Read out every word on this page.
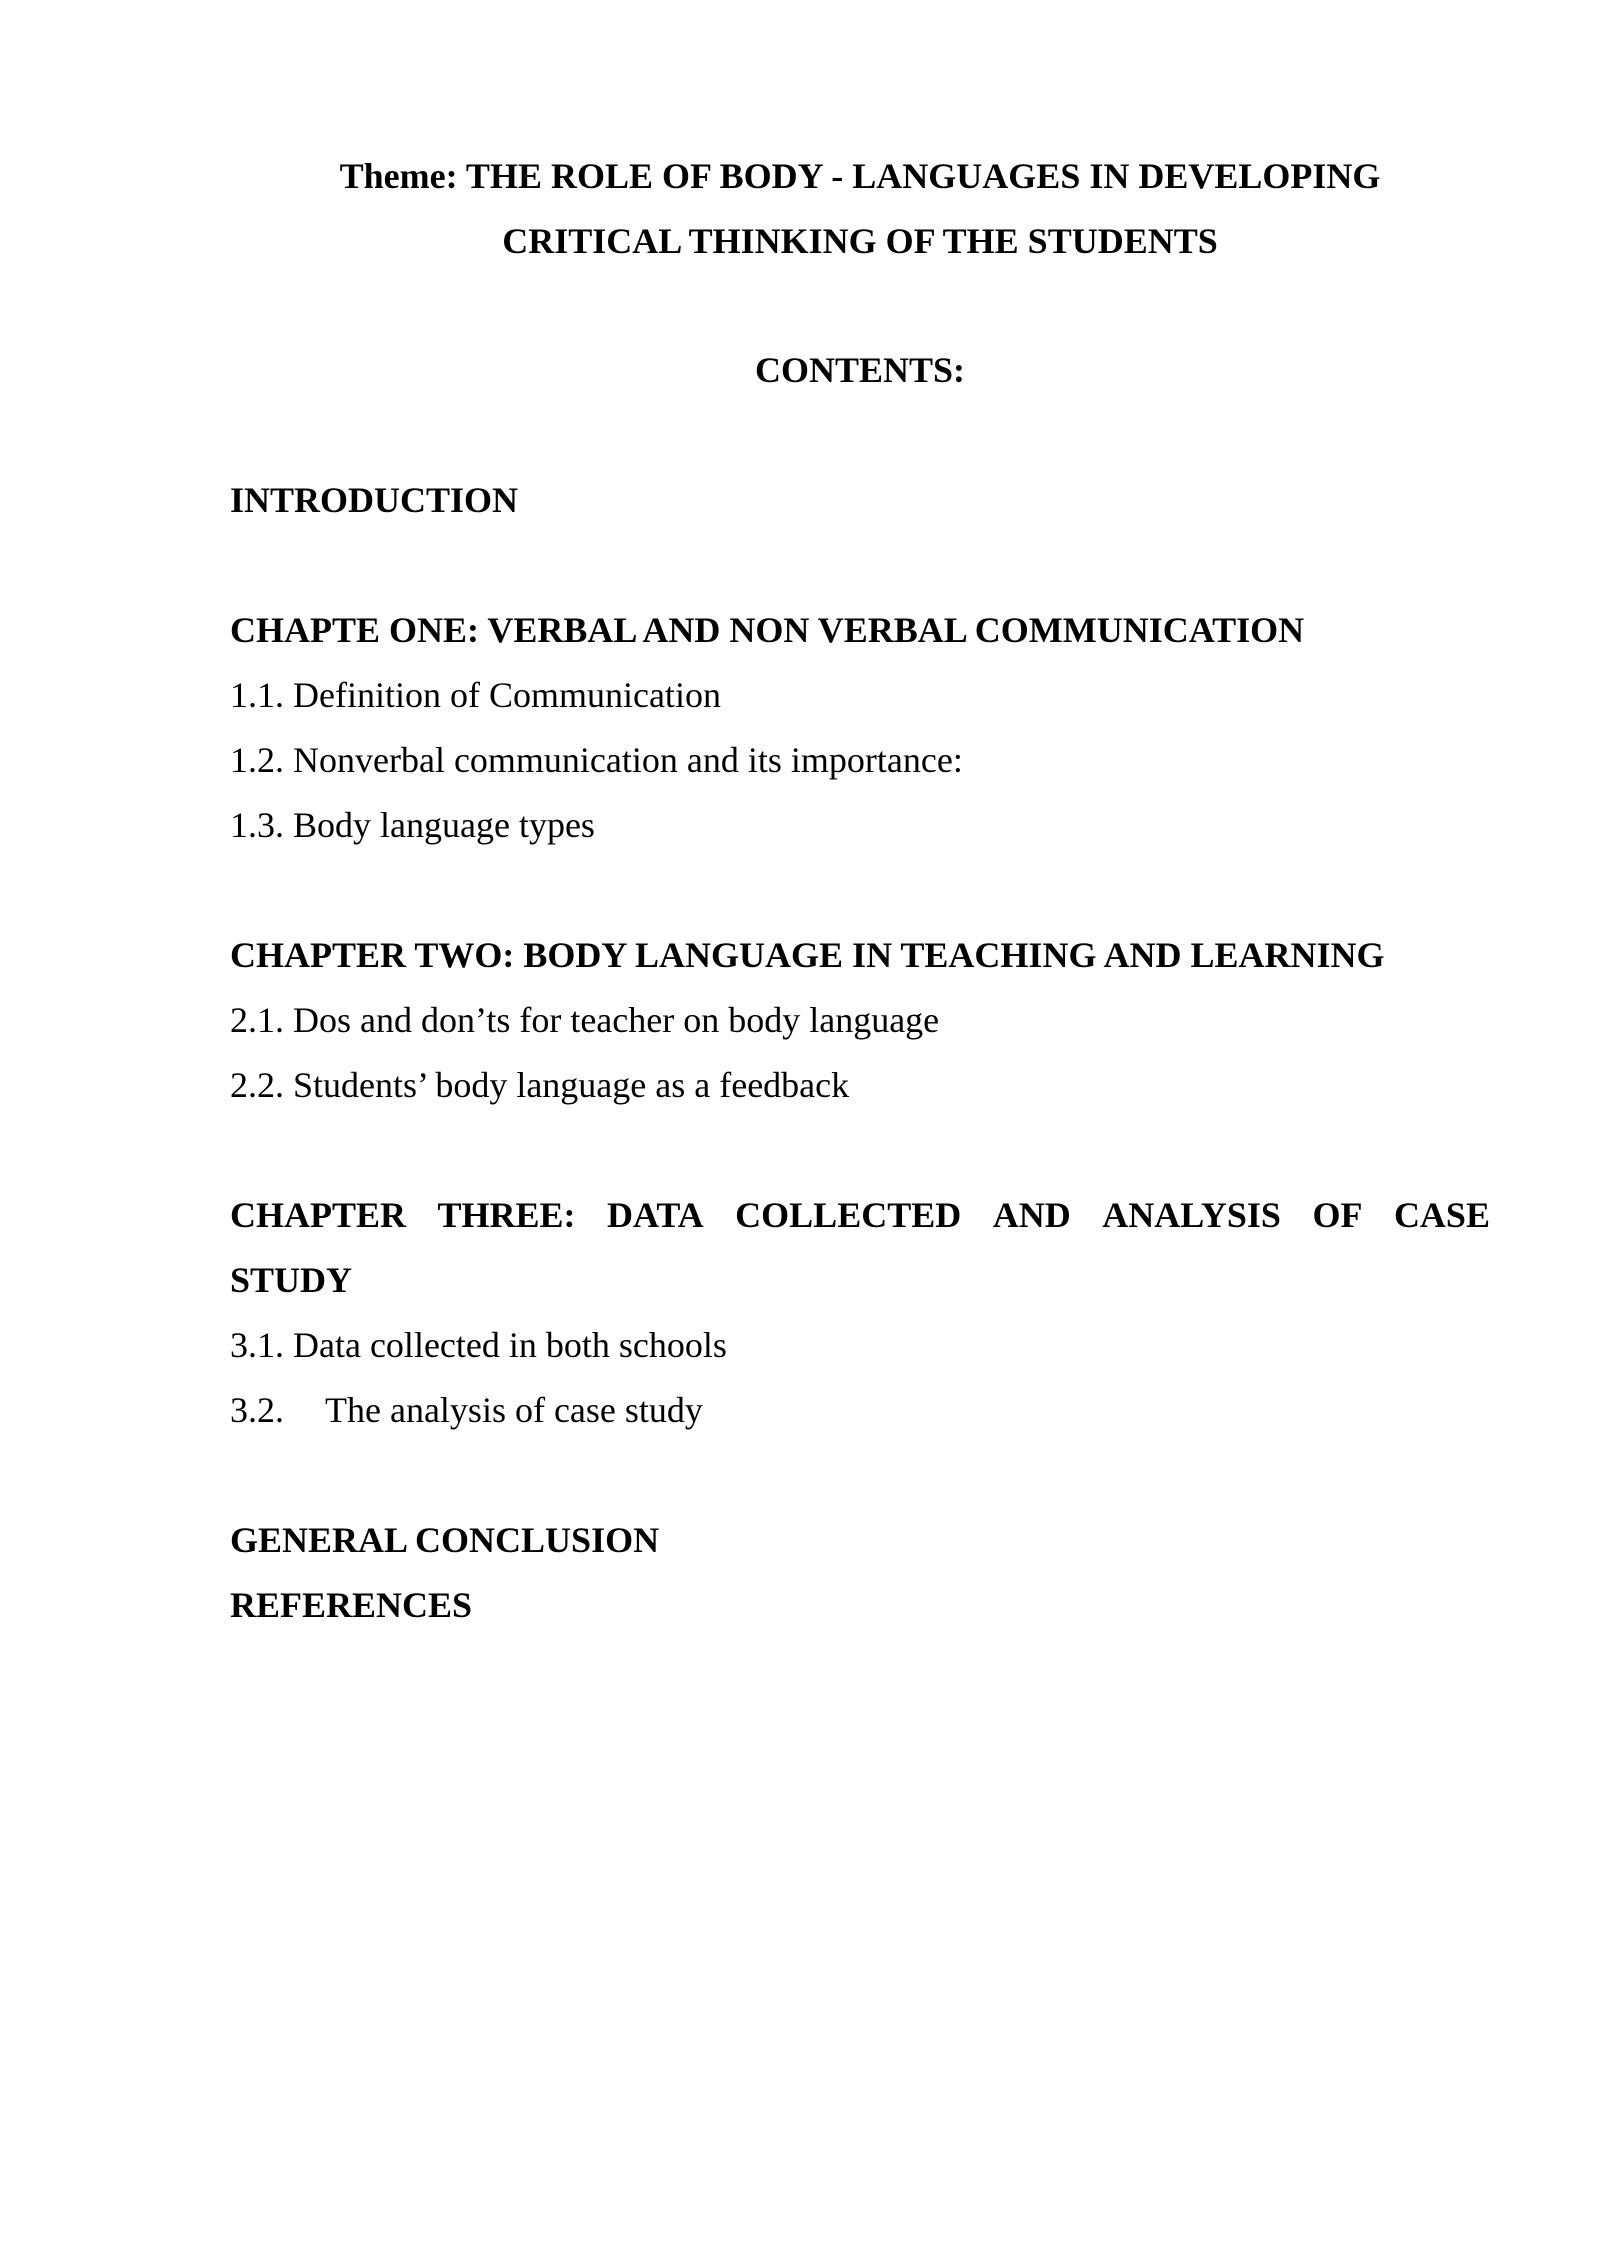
Theme: THE ROLE OF BODY - LANGUAGES IN DEVELOPING
CRITICAL THINKING OF THE STUDENTS
CONTENTS:
INTRODUCTION
CHAPTE ONE: VERBAL AND NON VERBAL COMMUNICATION
1.1. Definition of Communication
1.2. Nonverbal communication and its importance:
1.3. Body language types
CHAPTER TWO: BODY LANGUAGE IN TEACHING AND LEARNING
2.1. Dos and don’ts for teacher on body language
2.2. Students’ body language as a feedback
CHAPTER THREE: DATA COLLECTED AND ANALYSIS OF CASE
STUDY
3.1. Data collected in both schools
3.2. The analysis of case study
GENERAL CONCLUSION
REFERENCES
